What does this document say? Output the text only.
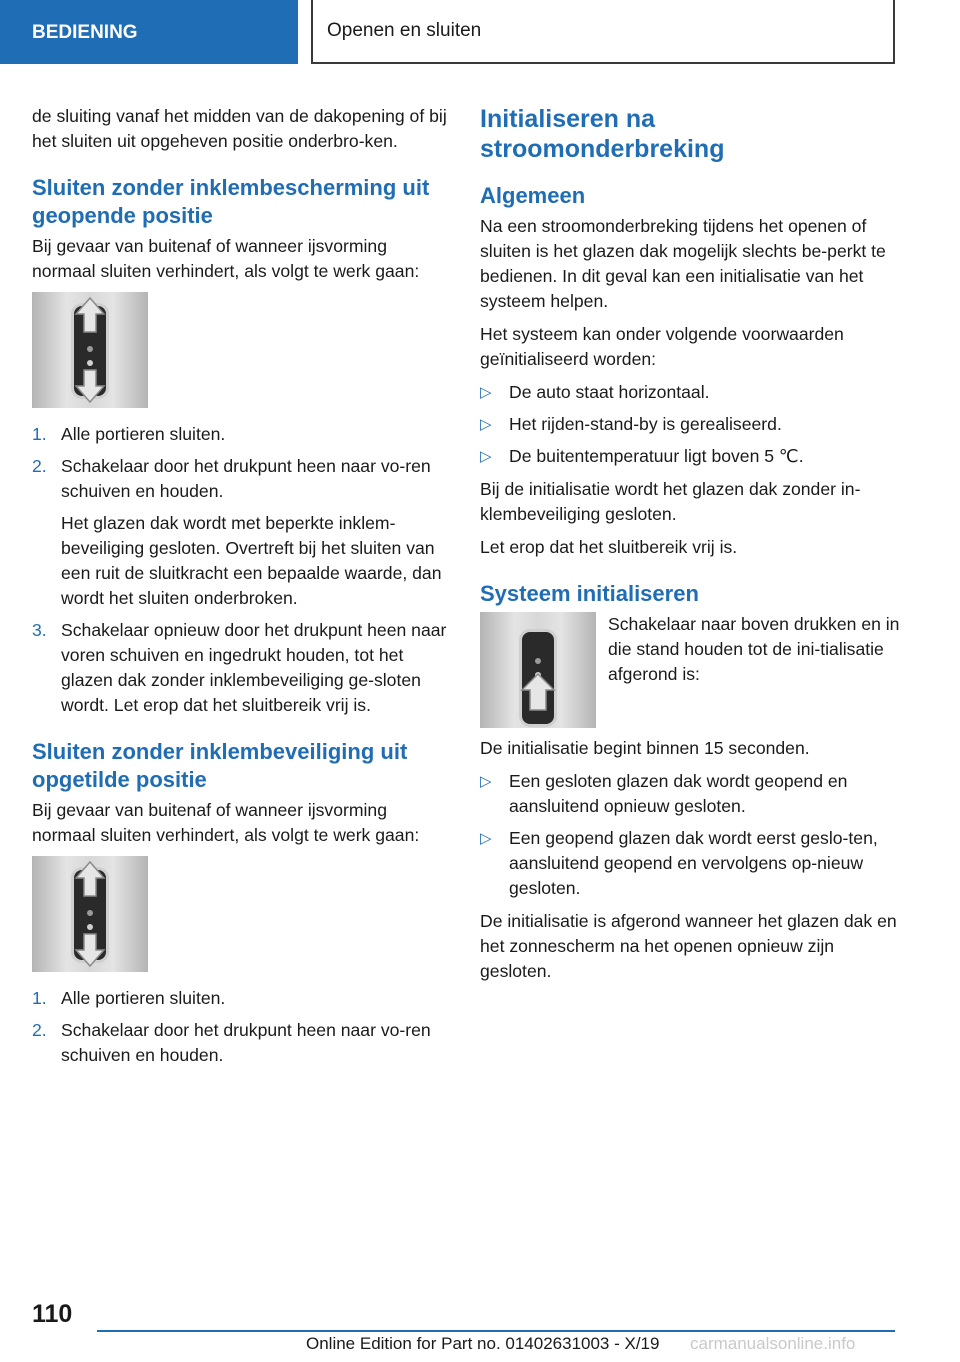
BEDIENING	Openen en sluiten

de sluiting vanaf het midden van de dakopening of bij het sluiten uit opgeheven positie onderbro-ken.

Sluiten zonder inklembescherming uit geopende positie

Bij gevaar van buitenaf of wanneer ijsvorming normaal sluiten verhindert, als volgt te werk gaan:

1. Alle portieren sluiten.
2. Schakelaar door het drukpunt heen naar vo-ren schuiven en houden.
Het glazen dak wordt met beperkte inklem-beveiliging gesloten. Overtreft bij het sluiten van een ruit de sluitkracht een bepaalde waarde, dan wordt het sluiten onderbroken.
3. Schakelaar opnieuw door het drukpunt heen naar voren schuiven en ingedrukt houden, tot het glazen dak zonder inklembeveiliging ge-sloten wordt. Let erop dat het sluitbereik vrij is.
Sluiten zonder inklembeveiliging uit opgetilde positie

Bij gevaar van buitenaf of wanneer ijsvorming normaal sluiten verhindert, als volgt te werk gaan:

1. Alle portieren sluiten.
2. Schakelaar door het drukpunt heen naar vo-ren schuiven en houden.
Initialiseren na stroomonderbreking
Algemeen

Na een stroomonderbreking tijdens het openen of sluiten is het glazen dak mogelijk slechts be-perkt te bedienen. In dit geval kan een initialisatie van het systeem helpen.

Het systeem kan onder volgende voorwaarden geïnitialiseerd worden:

▷ De auto staat horizontaal.
▷ Het rijden-stand-by is gerealiseerd.
▷ De buitentemperatuur ligt boven 5 ℃.

Bij de initialisatie wordt het glazen dak zonder in-klembeveiliging gesloten.

Let erop dat het sluitbereik vrij is.

Systeem initialiseren

Schakelaar naar boven drukken en in die stand houden tot de ini-tialisatie afgerond is:

De initialisatie begint binnen 15 seconden.

▷ Een gesloten glazen dak wordt geopend en aansluitend opnieuw gesloten.
▷ Een geopend glazen dak wordt eerst geslo-ten, aansluitend geopend en vervolgens op-nieuw gesloten.

De initialisatie is afgerond wanneer het glazen dak en het zonnescherm na het openen opnieuw zijn gesloten.

110
Online Edition for Part no. 01402631003 - X/19 carmanualsonline.info
